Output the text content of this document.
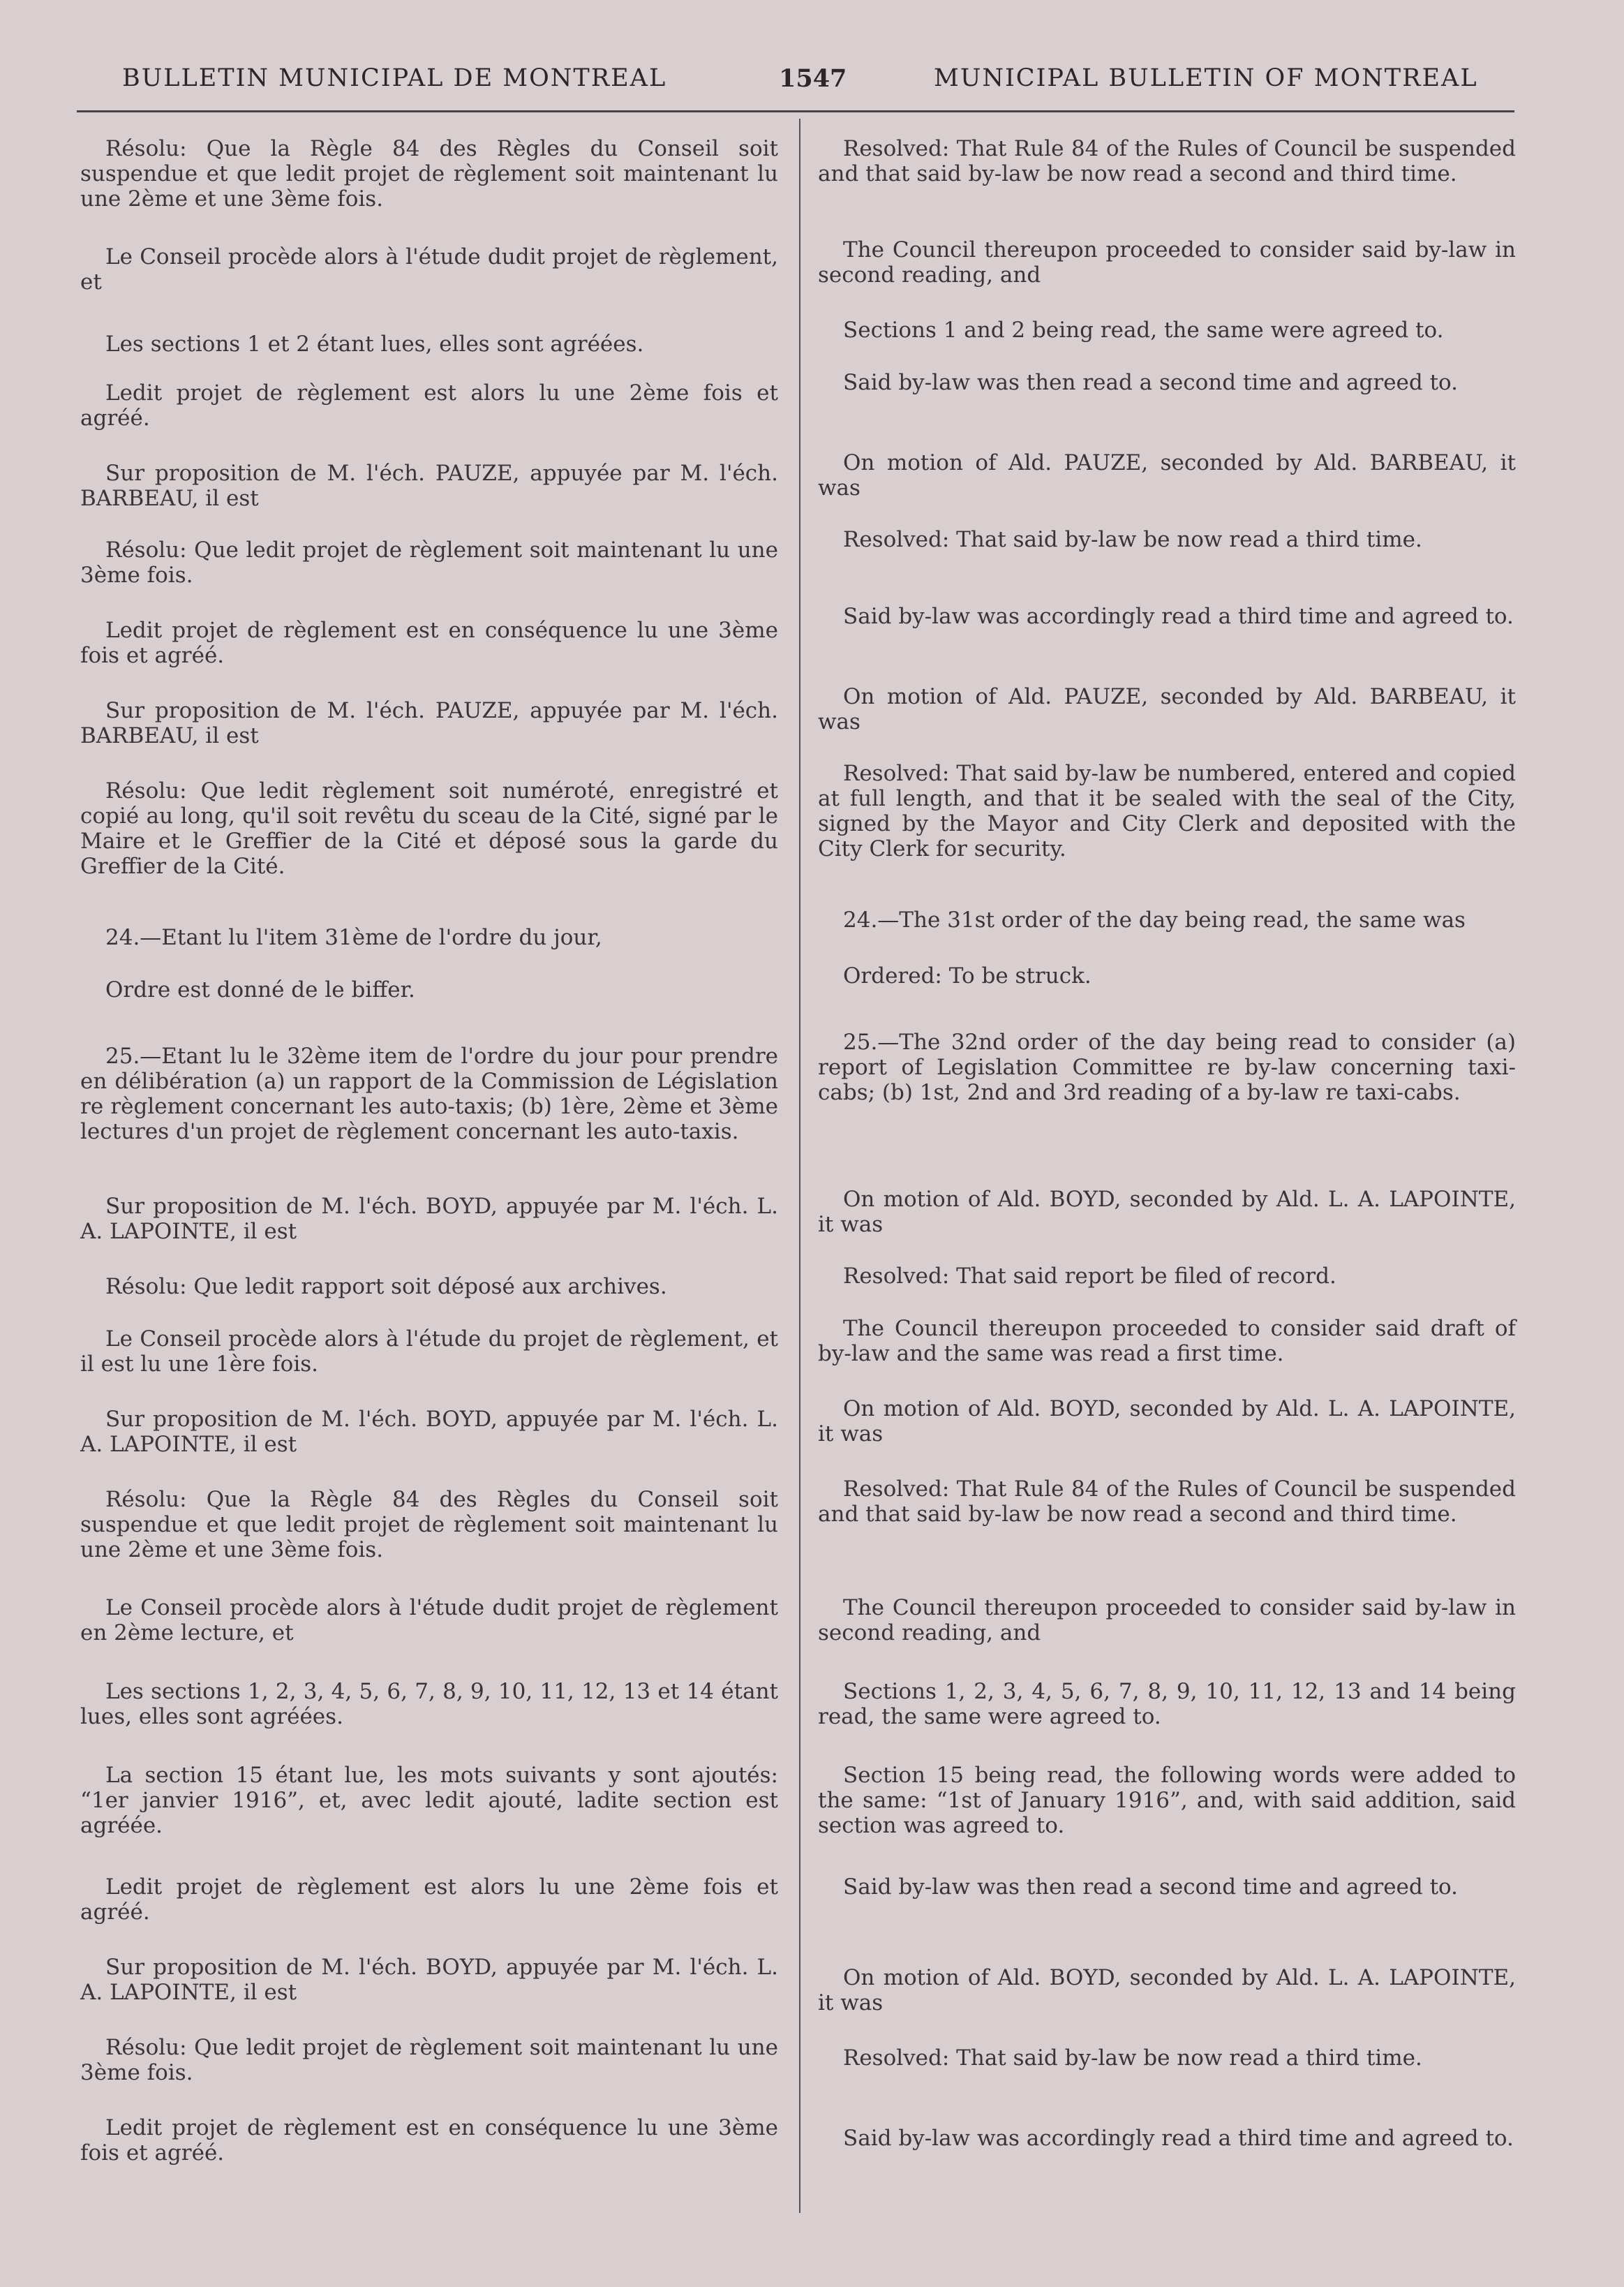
BULLETIN MUNICIPAL DE MONTREAL	1547	MUNICIPAL BULLETIN OF MONTREAL

Résolu: Que la Règle 84 des Règles du Conseil soit suspendue et que ledit projet de règlement soit maintenant lu une 2ème et une 3ème fois.

Le Conseil procède alors à l'étude dudit projet de règlement, et

Les sections 1 et 2 étant lues, elles sont agréées.

Ledit projet de règlement est alors lu une 2ème fois et agréé.

Sur proposition de M. l'éch. PAUZE, appuyée par M. l'éch. BARBEAU, il est

Résolu: Que ledit projet de règlement soit maintenant lu une 3ème fois.

Ledit projet de règlement est en conséquence lu une 3ème fois et agréé.

Sur proposition de M. l'éch. PAUZE, appuyée par M. l'éch. BARBEAU, il est

Résolu: Que ledit règlement soit numéroté, enregistré et copié au long, qu'il soit revêtu du sceau de la Cité, signé par le Maire et le Greffier de la Cité et déposé sous la garde du Greffier de la Cité.

24.—Etant lu l'item 31ème de l'ordre du jour,

Ordre est donné de le biffer.

25.—Etant lu le 32ème item de l'ordre du jour pour prendre en délibération (a) un rapport de la Commission de Législation re règlement concernant les auto-taxis; (b) 1ère, 2ème et 3ème lectures d'un projet de règlement concernant les auto-taxis.

Sur proposition de M. l'éch. BOYD, appuyée par M. l'éch. L. A. LAPOINTE, il est

Résolu: Que ledit rapport soit déposé aux archives.

Le Conseil procède alors à l'étude du projet de règlement, et il est lu une 1ère fois.

Sur proposition de M. l'éch. BOYD, appuyée par M. l'éch. L. A. LAPOINTE, il est

Résolu: Que la Règle 84 des Règles du Conseil soit suspendue et que ledit projet de règlement soit maintenant lu une 2ème et une 3ème fois.

Le Conseil procède alors à l'étude dudit projet de règlement en 2ème lecture, et

Les sections 1, 2, 3, 4, 5, 6, 7, 8, 9, 10, 11, 12, 13 et 14 étant lues, elles sont agréées.

La section 15 étant lue, les mots suivants y sont ajoutés: “1er janvier 1916”, et, avec ledit ajouté, ladite section est agréée.

Ledit projet de règlement est alors lu une 2ème fois et agréé.

Sur proposition de M. l'éch. BOYD, appuyée par M. l'éch. L. A. LAPOINTE, il est

Résolu: Que ledit projet de règlement soit maintenant lu une 3ème fois.

Ledit projet de règlement est en conséquence lu une 3ème fois et agréé.

Resolved: That Rule 84 of the Rules of Council be suspended and that said by-law be now read a second and third time.

The Council thereupon proceeded to consider said by-law in second reading, and

Sections 1 and 2 being read, the same were agreed to.

Said by-law was then read a second time and agreed to.

On motion of Ald. PAUZE, seconded by Ald. BARBEAU, it was

Resolved: That said by-law be now read a third time.

Said by-law was accordingly read a third time and agreed to.

On motion of Ald. PAUZE, seconded by Ald. BARBEAU, it was

Resolved: That said by-law be numbered, entered and copied at full length, and that it be sealed with the seal of the City, signed by the Mayor and City Clerk and deposited with the City Clerk for security.

24.—The 31st order of the day being read, the same was

Ordered: To be struck.

25.—The 32nd order of the day being read to consider (a) report of Legislation Committee re by-law concerning taxi-cabs; (b) 1st, 2nd and 3rd reading of a by-law re taxi-cabs.

On motion of Ald. BOYD, seconded by Ald. L. A. LAPOINTE, it was

Resolved: That said report be filed of record.

The Council thereupon proceeded to consider said draft of by-law and the same was read a first time.

On motion of Ald. BOYD, seconded by Ald. L. A. LAPOINTE, it was

Resolved: That Rule 84 of the Rules of Council be suspended and that said by-law be now read a second and third time.

The Council thereupon proceeded to consider said by-law in second reading, and

Sections 1, 2, 3, 4, 5, 6, 7, 8, 9, 10, 11, 12, 13 and 14 being read, the same were agreed to.

Section 15 being read, the following words were added to the same: “1st of January 1916”, and, with said addition, said section was agreed to.

Said by-law was then read a second time and agreed to.

On motion of Ald. BOYD, seconded by Ald. L. A. LAPOINTE, it was

Resolved: That said by-law be now read a third time.

Said by-law was accordingly read a third time and agreed to.
